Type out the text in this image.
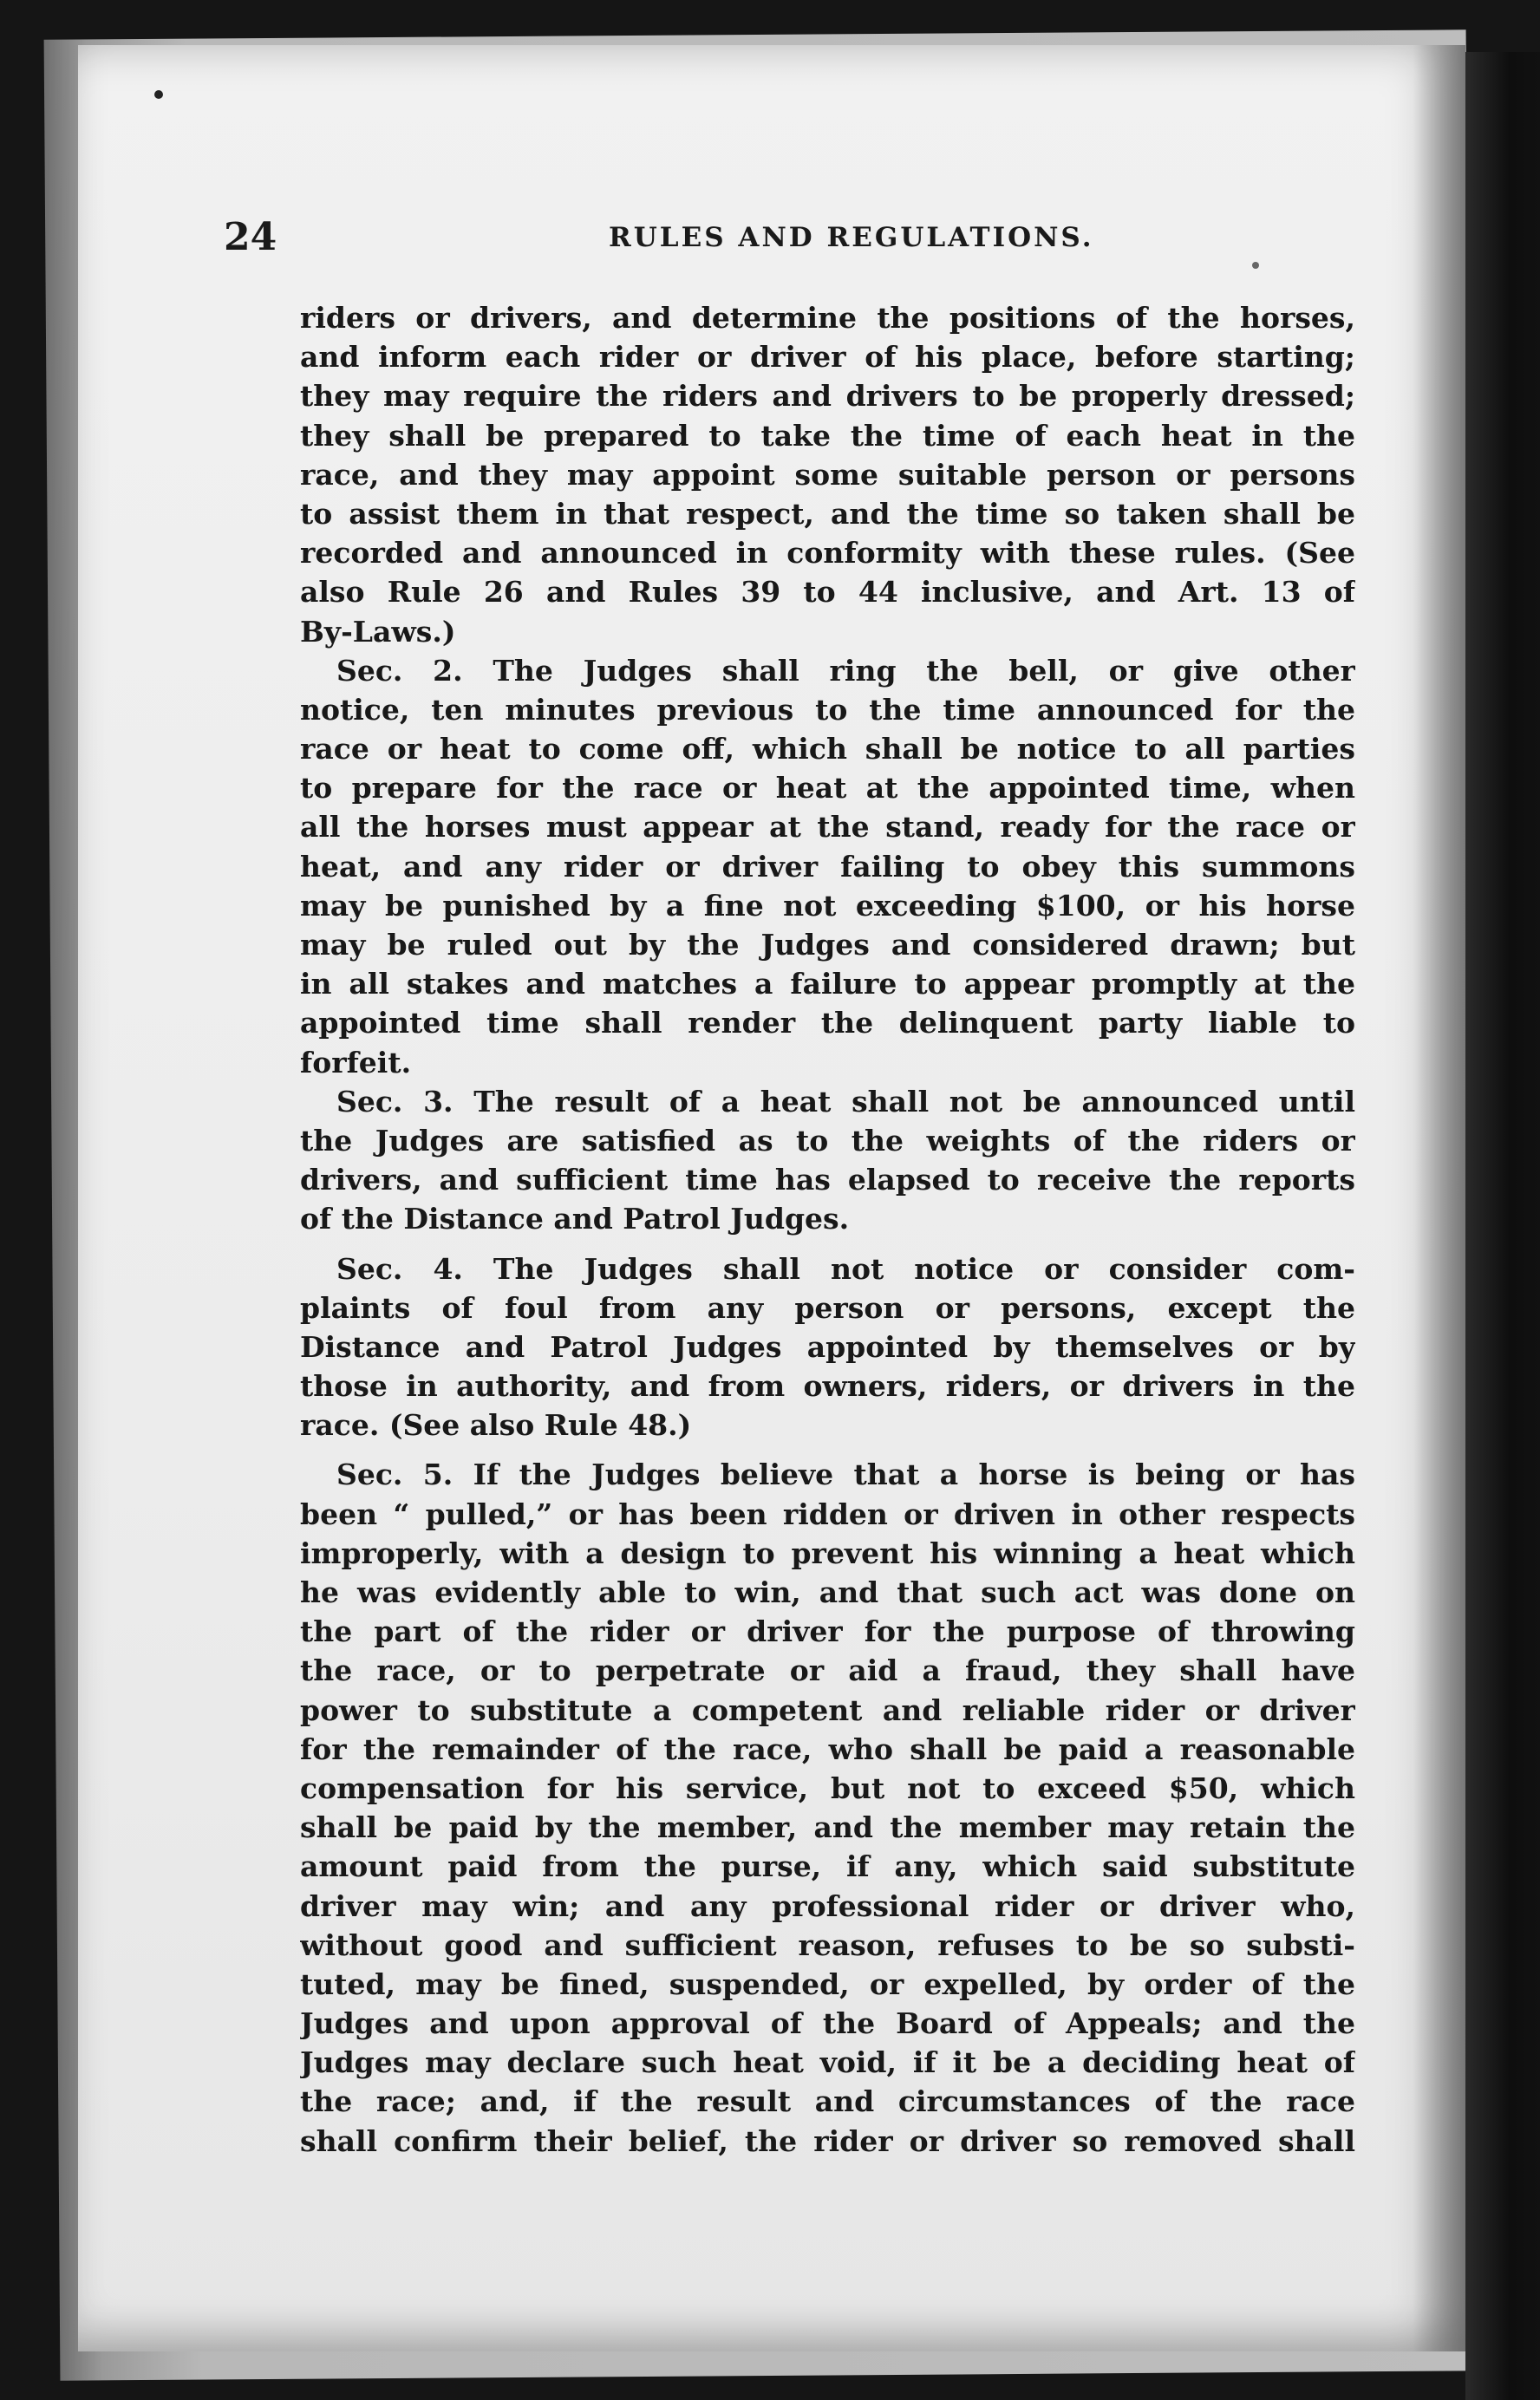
24	RULES AND REGULATIONS.
riders or drivers, and determine the positions of the horses,
and inform each rider or driver of his place, before starting;
they may require the riders and drivers to be properly dressed;
they shall be prepared to take the time of each heat in the
race, and they may appoint some suitable person or persons
to assist them in that respect, and the time so taken shall be
recorded and announced in conformity with these rules. (See
also Rule 26 and Rules 39 to 44 inclusive, and Art. 13 of
By-Laws.)
Sec. 2. The Judges shall ring the bell, or give other
notice, ten minutes previous to the time announced for the
race or heat to come off, which shall be notice to all parties
to prepare for the race or heat at the appointed time, when
all the horses must appear at the stand, ready for the race or
heat, and any rider or driver failing to obey this summons
may be punished by a fine not exceeding $100, or his horse
may be ruled out by the Judges and considered drawn; but
in all stakes and matches a failure to appear promptly at the
appointed time shall render the delinquent party liable to
forfeit.
Sec. 3. The result of a heat shall not be announced until
the Judges are satisfied as to the weights of the riders or
drivers, and sufficient time has elapsed to receive the reports
of the Distance and Patrol Judges.
Sec. 4. The Judges shall not notice or consider com-
plaints of foul from any person or persons, except the
Distance and Patrol Judges appointed by themselves or by
those in authority, and from owners, riders, or drivers in the
race. (See also Rule 48.)
Sec. 5. If the Judges believe that a horse is being or has
been “ pulled,” or has been ridden or driven in other respects
improperly, with a design to prevent his winning a heat which
he was evidently able to win, and that such act was done on
the part of the rider or driver for the purpose of throwing
the race, or to perpetrate or aid a fraud, they shall have
power to substitute a competent and reliable rider or driver
for the remainder of the race, who shall be paid a reasonable
compensation for his service, but not to exceed $50, which
shall be paid by the member, and the member may retain the
amount paid from the purse, if any, which said substitute
driver may win; and any professional rider or driver who,
without good and sufficient reason, refuses to be so substi-
tuted, may be fined, suspended, or expelled, by order of the
Judges and upon approval of the Board of Appeals; and the
Judges may declare such heat void, if it be a deciding heat of
the race; and, if the result and circumstances of the race
shall confirm their belief, the rider or driver so removed shall
